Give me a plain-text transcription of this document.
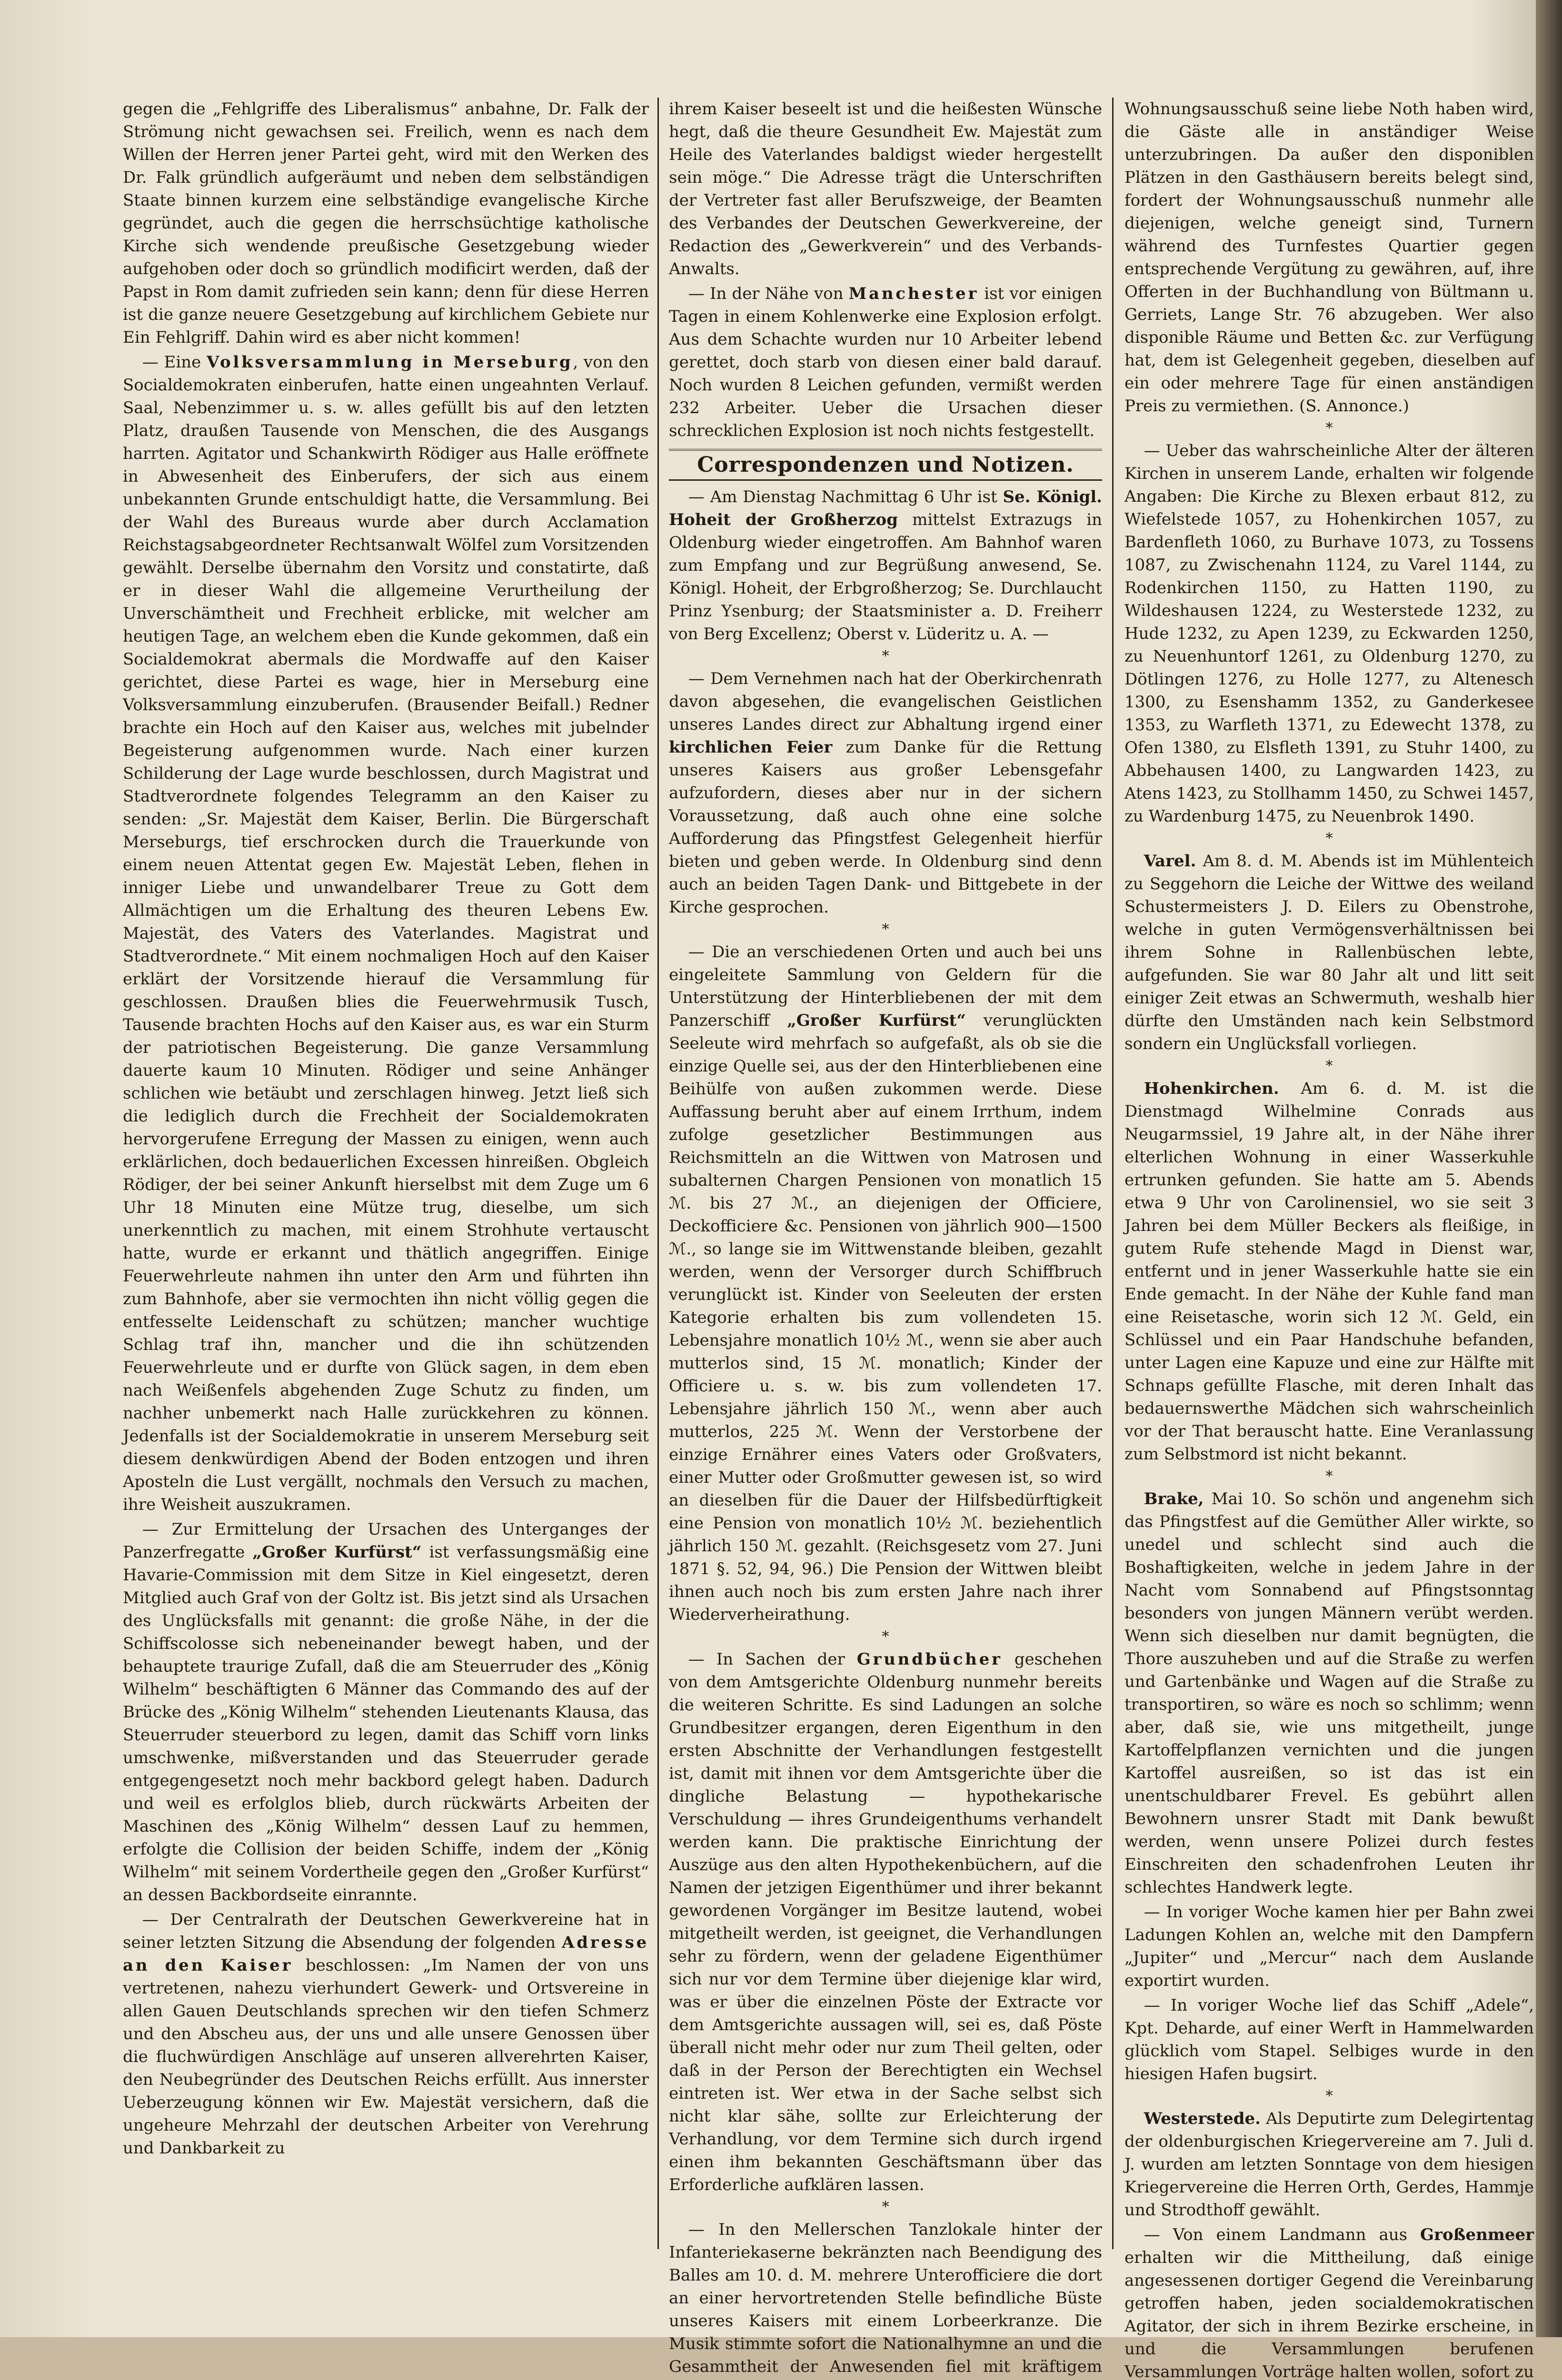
gegen die „Fehlgriffe des Liberalismus“ anbahne, Dr. Falk der Strömung nicht gewachsen sei. Freilich, wenn es nach dem Willen der Herren jener Partei geht, wird mit den Werken des Dr. Falk gründlich aufgeräumt und neben dem selbständigen Staate binnen kurzem eine selbständige evangelische Kirche gegründet, auch die gegen die herrschsüchtige katholische Kirche sich wendende preußische Gesetzgebung wieder aufgehoben oder doch so gründlich modificirt werden, daß der Papst in Rom damit zufrieden sein kann; denn für diese Herren ist die ganze neuere Gesetzgebung auf kirchlichem Gebiete nur Ein Fehlgriff. Dahin wird es aber nicht kommen!

— Eine Volksversammlung in Merseburg, von den Socialdemokraten einberufen, hatte einen ungeahnten Verlauf. Saal, Nebenzimmer u. s. w. alles gefüllt bis auf den letzten Platz, draußen Tausende von Menschen, die des Ausgangs harrten. Agitator und Schankwirth Rödiger aus Halle eröffnete in Abwesenheit des Einberufers, der sich aus einem unbekannten Grunde entschuldigt hatte, die Versammlung. Bei der Wahl des Bureaus wurde aber durch Acclamation Reichstagsabgeordneter Rechtsanwalt Wölfel zum Vorsitzenden gewählt. Derselbe übernahm den Vorsitz und constatirte, daß er in dieser Wahl die allgemeine Verurtheilung der Unverschämtheit und Frechheit erblicke, mit welcher am heutigen Tage, an welchem eben die Kunde gekommen, daß ein Socialdemokrat abermals die Mordwaffe auf den Kaiser gerichtet, diese Partei es wage, hier in Merseburg eine Volksversammlung einzuberufen. (Brausender Beifall.) Redner brachte ein Hoch auf den Kaiser aus, welches mit jubelnder Begeisterung aufgenommen wurde. Nach einer kurzen Schilderung der Lage wurde beschlossen, durch Magistrat und Stadtverordnete folgendes Telegramm an den Kaiser zu senden: „Sr. Majestät dem Kaiser, Berlin. Die Bürgerschaft Merseburgs, tief erschrocken durch die Trauerkunde von einem neuen Attentat gegen Ew. Majestät Leben, flehen in inniger Liebe und unwandelbarer Treue zu Gott dem Allmächtigen um die Erhaltung des theuren Lebens Ew. Majestät, des Vaters des Vaterlandes. Magistrat und Stadtverordnete.“ Mit einem nochmaligen Hoch auf den Kaiser erklärt der Vorsitzende hierauf die Versammlung für geschlossen. Draußen blies die Feuerwehrmusik Tusch, Tausende brachten Hochs auf den Kaiser aus, es war ein Sturm der patriotischen Begeisterung. Die ganze Versammlung dauerte kaum 10 Minuten. Rödiger und seine Anhänger schlichen wie betäubt und zerschlagen hinweg. Jetzt ließ sich die lediglich durch die Frechheit der Socialdemokraten hervorgerufene Erregung der Massen zu einigen, wenn auch erklärlichen, doch bedauerlichen Excessen hinreißen. Obgleich Rödiger, der bei seiner Ankunft hierselbst mit dem Zuge um 6 Uhr 18 Minuten eine Mütze trug, dieselbe, um sich unerkenntlich zu machen, mit einem Strohhute vertauscht hatte, wurde er erkannt und thätlich angegriffen. Einige Feuerwehrleute nahmen ihn unter den Arm und führten ihn zum Bahnhofe, aber sie vermochten ihn nicht völlig gegen die entfesselte Leidenschaft zu schützen; mancher wuchtige Schlag traf ihn, mancher und die ihn schützenden Feuerwehrleute und er durfte von Glück sagen, in dem eben nach Weißenfels abgehenden Zuge Schutz zu finden, um nachher unbemerkt nach Halle zurückkehren zu können. Jedenfalls ist der Socialdemokratie in unserem Merseburg seit diesem denkwürdigen Abend der Boden entzogen und ihren Aposteln die Lust vergällt, nochmals den Versuch zu machen, ihre Weisheit auszukramen.

— Zur Ermittelung der Ursachen des Unterganges der Panzerfregatte „Großer Kurfürst“ ist verfassungsmäßig eine Havarie-Commission mit dem Sitze in Kiel eingesetzt, deren Mitglied auch Graf von der Goltz ist. Bis jetzt sind als Ursachen des Unglücksfalls mit genannt: die große Nähe, in der die Schiffscolosse sich nebeneinander bewegt haben, und der behauptete traurige Zufall, daß die am Steuerruder des „König Wilhelm“ beschäftigten 6 Männer das Commando des auf der Brücke des „König Wilhelm“ stehenden Lieutenants Klausa, das Steuerruder steuerbord zu legen, damit das Schiff vorn links umschwenke, mißverstanden und das Steuerruder gerade entgegengesetzt noch mehr backbord gelegt haben. Dadurch und weil es erfolglos blieb, durch rückwärts Arbeiten der Maschinen des „König Wilhelm“ dessen Lauf zu hemmen, erfolgte die Collision der beiden Schiffe, indem der „König Wilhelm“ mit seinem Vordertheile gegen den „Großer Kurfürst“ an dessen Backbordseite einrannte.

— Der Centralrath der Deutschen Gewerkvereine hat in seiner letzten Sitzung die Absendung der folgenden Adresse an den Kaiser beschlossen: „Im Namen der von uns vertretenen, nahezu vierhundert Gewerk- und Ortsvereine in allen Gauen Deutschlands sprechen wir den tiefen Schmerz und den Abscheu aus, der uns und alle unsere Genossen über die fluchwürdigen Anschläge auf unseren allverehrten Kaiser, den Neubegründer des Deutschen Reichs erfüllt. Aus innerster Ueberzeugung können wir Ew. Majestät versichern, daß die ungeheure Mehrzahl der deutschen Arbeiter von Verehrung und Dankbarkeit zu

ihrem Kaiser beseelt ist und die heißesten Wünsche hegt, daß die theure Gesundheit Ew. Majestät zum Heile des Vaterlandes baldigst wieder hergestellt sein möge.“ Die Adresse trägt die Unterschriften der Vertreter fast aller Berufszweige, der Beamten des Verbandes der Deutschen Gewerkvereine, der Redaction des „Gewerkverein“ und des Verbands-Anwalts.

— In der Nähe von Manchester ist vor einigen Tagen in einem Kohlenwerke eine Explosion erfolgt. Aus dem Schachte wurden nur 10 Arbeiter lebend gerettet, doch starb von diesen einer bald darauf. Noch wurden 8 Leichen gefunden, vermißt werden 232 Arbeiter. Ueber die Ursachen dieser schrecklichen Explosion ist noch nichts festgestellt.

Correspondenzen und Notizen.

— Am Dienstag Nachmittag 6 Uhr ist Se. Königl. Hoheit der Großherzog mittelst Extrazugs in Oldenburg wieder eingetroffen. Am Bahnhof waren zum Empfang und zur Begrüßung anwesend, Se. Königl. Hoheit, der Erbgroßherzog; Se. Durchlaucht Prinz Ysenburg; der Staatsminister a. D. Freiherr von Berg Excellenz; Oberst v. Lüderitz u. A. —

*

— Dem Vernehmen nach hat der Oberkirchenrath davon abgesehen, die evangelischen Geistlichen unseres Landes direct zur Abhaltung irgend einer kirchlichen Feier zum Danke für die Rettung unseres Kaisers aus großer Lebensgefahr aufzufordern, dieses aber nur in der sichern Voraussetzung, daß auch ohne eine solche Aufforderung das Pfingstfest Gelegenheit hierfür bieten und geben werde. In Oldenburg sind denn auch an beiden Tagen Dank- und Bittgebete in der Kirche gesprochen.

*

— Die an verschiedenen Orten und auch bei uns eingeleitete Sammlung von Geldern für die Unterstützung der Hinterbliebenen der mit dem Panzerschiff „Großer Kurfürst“ verunglückten Seeleute wird mehrfach so aufgefaßt, als ob sie die einzige Quelle sei, aus der den Hinterbliebenen eine Beihülfe von außen zukommen werde. Diese Auffassung beruht aber auf einem Irrthum, indem zufolge gesetzlicher Bestimmungen aus Reichsmitteln an die Wittwen von Matrosen und subalternen Chargen Pensionen von monatlich 15 ℳ. bis 27 ℳ., an diejenigen der Officiere, Deckofficiere &c. Pensionen von jährlich 900—1500 ℳ., so lange sie im Wittwenstande bleiben, gezahlt werden, wenn der Versorger durch Schiffbruch verunglückt ist. Kinder von Seeleuten der ersten Kategorie erhalten bis zum vollendeten 15. Lebensjahre monatlich 10½ ℳ., wenn sie aber auch mutterlos sind, 15 ℳ. monatlich; Kinder der Officiere u. s. w. bis zum vollendeten 17. Lebensjahre jährlich 150 ℳ., wenn aber auch mutterlos, 225 ℳ. Wenn der Verstorbene der einzige Ernährer eines Vaters oder Großvaters, einer Mutter oder Großmutter gewesen ist, so wird an dieselben für die Dauer der Hilfsbedürftigkeit eine Pension von monatlich 10½ ℳ. beziehentlich jährlich 150 ℳ. gezahlt. (Reichsgesetz vom 27. Juni 1871 §. 52, 94, 96.) Die Pension der Wittwen bleibt ihnen auch noch bis zum ersten Jahre nach ihrer Wiederverheirathung.

*

— In Sachen der Grundbücher geschehen von dem Amtsgerichte Oldenburg nunmehr bereits die weiteren Schritte. Es sind Ladungen an solche Grundbesitzer ergangen, deren Eigenthum in den ersten Abschnitte der Verhandlungen festgestellt ist, damit mit ihnen vor dem Amtsgerichte über die dingliche Belastung — hypothekarische Verschuldung — ihres Grundeigenthums verhandelt werden kann. Die praktische Einrichtung der Auszüge aus den alten Hypothekenbüchern, auf die Namen der jetzigen Eigenthümer und ihrer bekannt gewordenen Vorgänger im Besitze lautend, wobei mitgetheilt werden, ist geeignet, die Verhandlungen sehr zu fördern, wenn der geladene Eigenthümer sich nur vor dem Termine über diejenige klar wird, was er über die einzelnen Pöste der Extracte vor dem Amtsgerichte aussagen will, sei es, daß Pöste überall nicht mehr oder nur zum Theil gelten, oder daß in der Person der Berechtigten ein Wechsel eintreten ist. Wer etwa in der Sache selbst sich nicht klar sähe, sollte zur Erleichterung der Verhandlung, vor dem Termine sich durch irgend einen ihm bekannten Geschäftsmann über das Erforderliche aufklären lassen.

*

— In den Mellerschen Tanzlokale hinter der Infanteriekaserne bekränzten nach Beendigung des Balles am 10. d. M. mehrere Unterofficiere die dort an einer hervortretenden Stelle befindliche Büste unseres Kaisers mit einem Lorbeerkranze. Die Musik stimmte sofort die Nationalhymne an und die Gesammtheit der Anwesenden fiel mit kräftigem

Wohnungsausschuß seine liebe Noth haben wird, die Gäste alle in anständiger Weise unterzubringen. Da außer den disponiblen Plätzen in den Gasthäusern bereits belegt sind, fordert der Wohnungsausschuß nunmehr alle diejenigen, welche geneigt sind, Turnern während des Turnfestes Quartier gegen entsprechende Vergütung zu gewähren, auf, ihre Offerten in der Buchhandlung von Bültmann u. Gerriets, Lange Str. 76 abzugeben. Wer also disponible Räume und Betten &c. zur Verfügung hat, dem ist Gelegenheit gegeben, dieselben auf ein oder mehrere Tage für einen anständigen Preis zu vermiethen. (S. Annonce.)

*

— Ueber das wahrscheinliche Alter der älteren Kirchen in unserem Lande, erhalten wir folgende Angaben: Die Kirche zu Blexen erbaut 812, zu Wiefelstede 1057, zu Hohenkirchen 1057, zu Bardenfleth 1060, zu Burhave 1073, zu Tossens 1087, zu Zwischenahn 1124, zu Varel 1144, zu Rodenkirchen 1150, zu Hatten 1190, zu Wildeshausen 1224, zu Westerstede 1232, zu Hude 1232, zu Apen 1239, zu Eckwarden 1250, zu Neuenhuntorf 1261, zu Oldenburg 1270, zu Dötlingen 1276, zu Holle 1277, zu Altenesch 1300, zu Esenshamm 1352, zu Ganderkesee 1353, zu Warfleth 1371, zu Edewecht 1378, zu Ofen 1380, zu Elsfleth 1391, zu Stuhr 1400, zu Abbehausen 1400, zu Langwarden 1423, zu Atens 1423, zu Stollhamm 1450, zu Schwei 1457, zu Wardenburg 1475, zu Neuenbrok 1490.

*

Varel. Am 8. d. M. Abends ist im Mühlenteich zu Seggehorn die Leiche der Wittwe des weiland Schustermeisters J. D. Eilers zu Obenstrohe, welche in guten Vermögensverhältnissen bei ihrem Sohne in Rallenbüschen lebte, aufgefunden. Sie war 80 Jahr alt und litt seit einiger Zeit etwas an Schwermuth, weshalb hier dürfte den Umständen nach kein Selbstmord sondern ein Unglücksfall vorliegen.

*

Hohenkirchen. Am 6. d. M. ist die Dienstmagd Wilhelmine Conrads aus Neugarmssiel, 19 Jahre alt, in der Nähe ihrer elterlichen Wohnung in einer Wasserkuhle ertrunken gefunden. Sie hatte am 5. Abends etwa 9 Uhr von Carolinensiel, wo sie seit 3 Jahren bei dem Müller Beckers als fleißige, in gutem Rufe stehende Magd in Dienst war, entfernt und in jener Wasserkuhle hatte sie ein Ende gemacht. In der Nähe der Kuhle fand man eine Reisetasche, worin sich 12 ℳ. Geld, ein Schlüssel und ein Paar Handschuhe befanden, unter Lagen eine Kapuze und eine zur Hälfte mit Schnaps gefüllte Flasche, mit deren Inhalt das bedauernswerthe Mädchen sich wahrscheinlich vor der That berauscht hatte. Eine Veranlassung zum Selbstmord ist nicht bekannt.

*

Brake, Mai 10. So schön und angenehm sich das Pfingstfest auf die Gemüther Aller wirkte, so unedel und schlecht sind auch die Boshaftigkeiten, welche in jedem Jahre in der Nacht vom Sonnabend auf Pfingstsonntag besonders von jungen Männern verübt werden. Wenn sich dieselben nur damit begnügten, die Thore auszuheben und auf die Straße zu werfen und Gartenbänke und Wagen auf die Straße zu transportiren, so wäre es noch so schlimm; wenn aber, daß sie, wie uns mitgetheilt, junge Kartoffelpflanzen vernichten und die jungen Kartoffel ausreißen, so ist das ist ein unentschuldbarer Frevel. Es gebührt allen Bewohnern unsrer Stadt mit Dank bewußt werden, wenn unsere Polizei durch festes Einschreiten den schadenfrohen Leuten ihr schlechtes Handwerk legte.

— In voriger Woche kamen hier per Bahn zwei Ladungen Kohlen an, welche mit den Dampfern „Jupiter“ und „Mercur“ nach dem Auslande exportirt wurden.

— In voriger Woche lief das Schiff „Adele“, Kpt. Deharde, auf einer Werft in Hammelwarden glücklich vom Stapel. Selbiges wurde in den hiesigen Hafen bugsirt.

*

Westerstede. Als Deputirte zum Delegirtentag der oldenburgischen Kriegervereine am 7. Juli d. J. wurden am letzten Sonntage von dem hiesigen Kriegervereine die Herren Orth, Gerdes, Hammje und Strodthoff gewählt.

— Von einem Landmann aus Großenmeer erhalten wir die Mittheilung, daß einige angesessenen dortiger Gegend die Vereinbarung getroffen haben, jeden socialdemokratischen Agitator, der sich in ihrem Bezirke erscheine, in und die Versammlungen berufenen Versammlungen Vorträge halten wollen, sofort zu
